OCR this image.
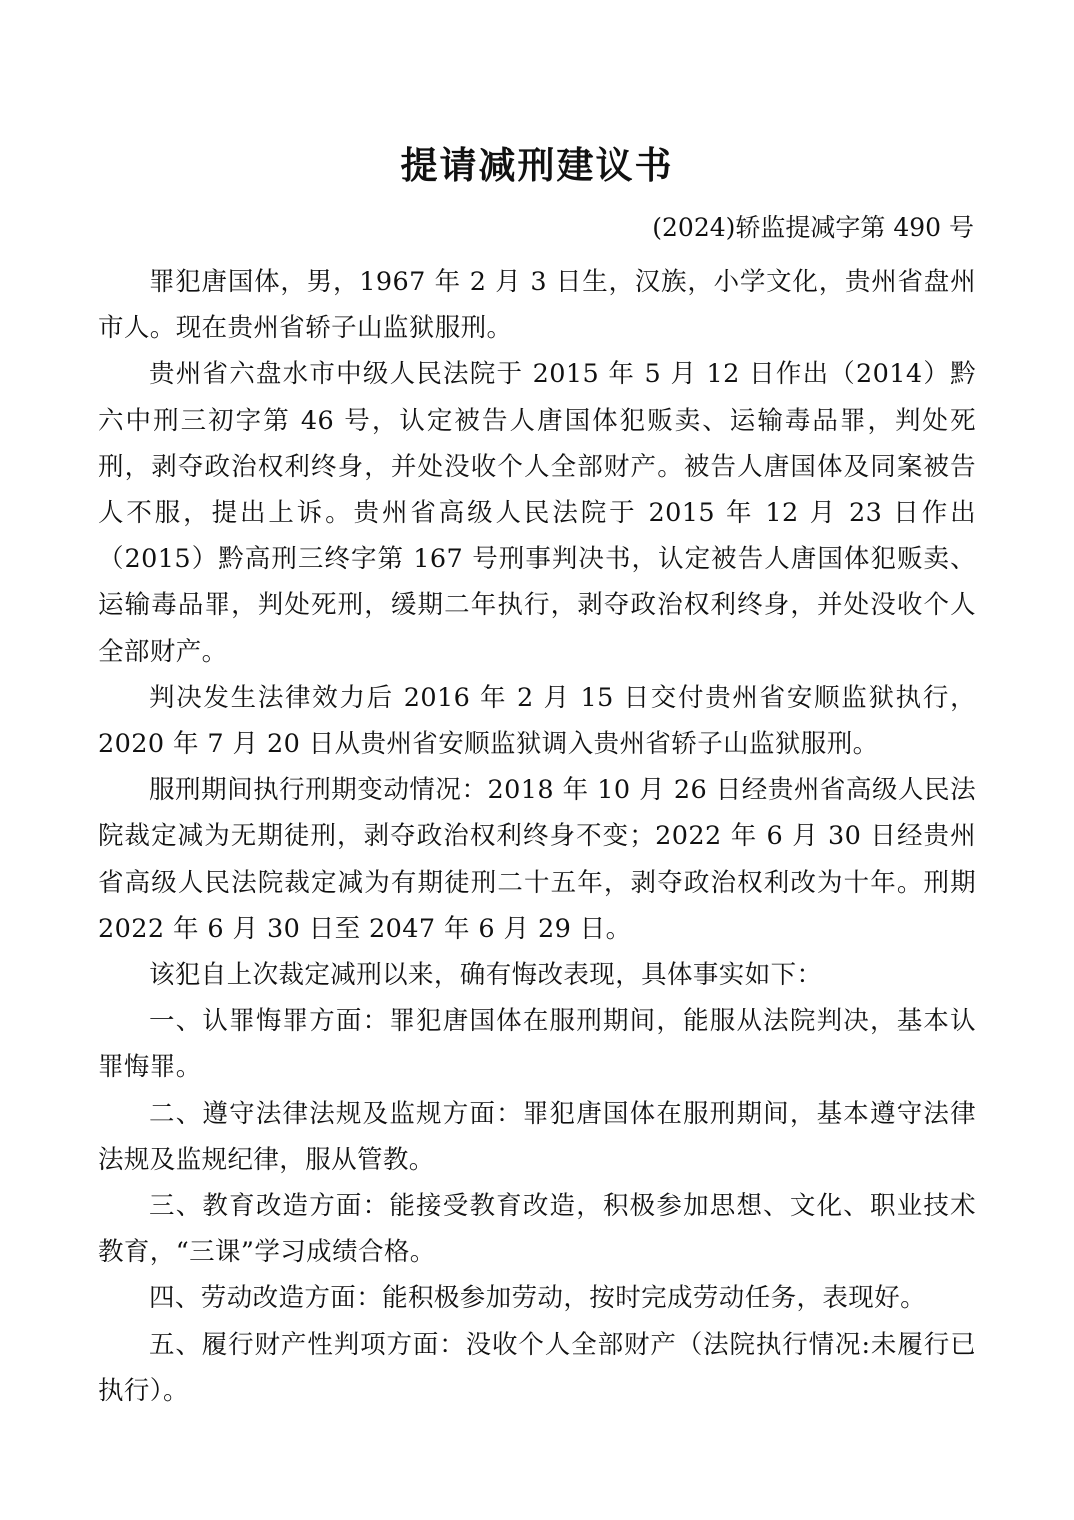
提请减刑建议书
(2024)轿监提减字第 490 号

罪犯唐国体，男，1967 年 2 月 3 日生，汉族，小学文化，贵州省盘州市人。现在贵州省轿子山监狱服刑。

贵州省六盘水市中级人民法院于 2015 年 5 月 12 日作出（2014）黔六中刑三初字第 46 号，认定被告人唐国体犯贩卖、运输毒品罪，判处死刑，剥夺政治权利终身，并处没收个人全部财产。被告人唐国体及同案被告人不服，提出上诉。贵州省高级人民法院于 2015 年 12 月 23 日作出（2015）黔高刑三终字第 167 号刑事判决书，认定被告人唐国体犯贩卖、运输毒品罪，判处死刑，缓期二年执行，剥夺政治权利终身，并处没收个人全部财产。

判决发生法律效力后 2016 年 2 月 15 日交付贵州省安顺监狱执行，2020 年 7 月 20 日从贵州省安顺监狱调入贵州省轿子山监狱服刑。

服刑期间执行刑期变动情况：2018 年 10 月 26 日经贵州省高级人民法院裁定减为无期徒刑，剥夺政治权利终身不变；2022 年 6 月 30 日经贵州省高级人民法院裁定减为有期徒刑二十五年，剥夺政治权利改为十年。刑期 2022 年 6 月 30 日至 2047 年 6 月 29 日。

该犯自上次裁定减刑以来，确有悔改表现，具体事实如下：

一、认罪悔罪方面：罪犯唐国体在服刑期间，能服从法院判决，基本认罪悔罪。

二、遵守法律法规及监规方面：罪犯唐国体在服刑期间，基本遵守法律法规及监规纪律，服从管教。

三、教育改造方面：能接受教育改造，积极参加思想、文化、职业技术教育，“三课”学习成绩合格。

四、劳动改造方面：能积极参加劳动，按时完成劳动任务，表现好。

五、履行财产性判项方面：没收个人全部财产（法院执行情况:未履行已执行）。
